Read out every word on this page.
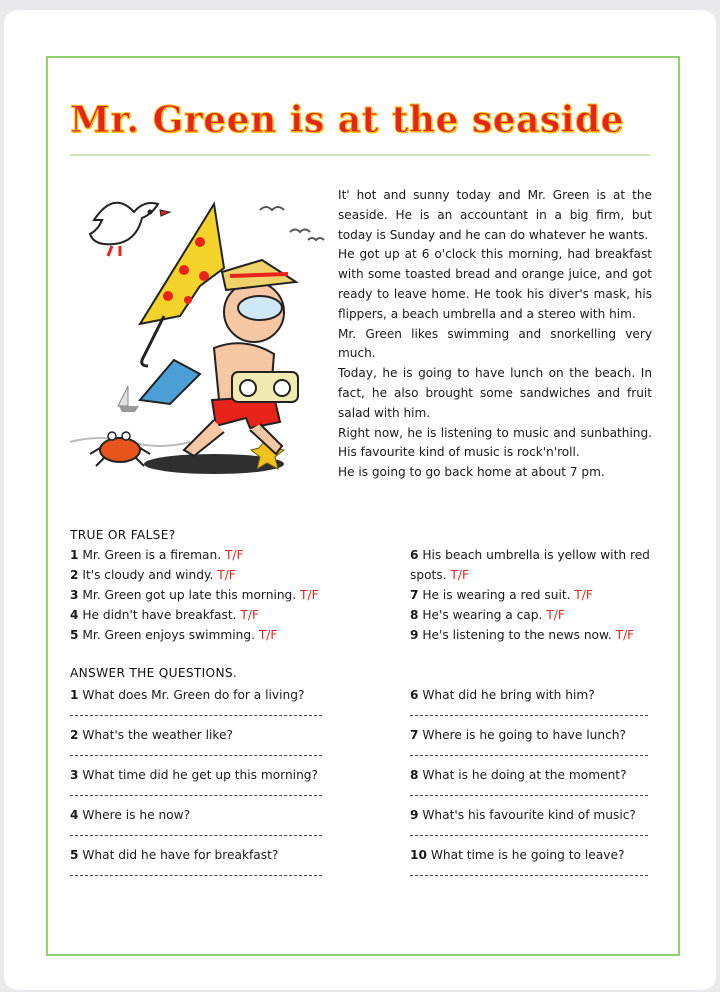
Mr. Green is at the seaside

It' hot and sunny today and Mr. Green is at the seaside. He is an accountant in a big firm, but today is Sunday and he can do whatever he wants.

He got up at 6 o'clock this morning, had breakfast with some toasted bread and orange juice, and got ready to leave home. He took his diver's mask, his flippers, a beach umbrella and a stereo with him.

Mr. Green likes swimming and snorkelling very much.

Today, he is going to have lunch on the beach. In fact, he also brought some sandwiches and fruit salad with him.

Right now, he is listening to music and sunbathing. His favourite kind of music is rock'n'roll.

He is going to go back home at about 7 pm.

TRUE OR FALSE?
1 Mr. Green is a fireman. T/F
2 It's cloudy and windy. T/F
3 Mr. Green got up late this morning. T/F
4 He didn't have breakfast. T/F
5 Mr. Green enjoys swimming. T/F
6 His beach umbrella is yellow with red
spots. T/F
7 He is wearing a red suit. T/F
8 He's wearing a cap. T/F
9 He's listening to the news now. T/F
ANSWER THE QUESTIONS.
1 What does Mr. Green do for a living?
2 What's the weather like?
3 What time did he get up this morning?
4 Where is he now?
5 What did he have for breakfast?
6 What did he bring with him?
7 Where is he going to have lunch?
8 What is he doing at the moment?
9 What's his favourite kind of music?
10 What time is he going to leave?
